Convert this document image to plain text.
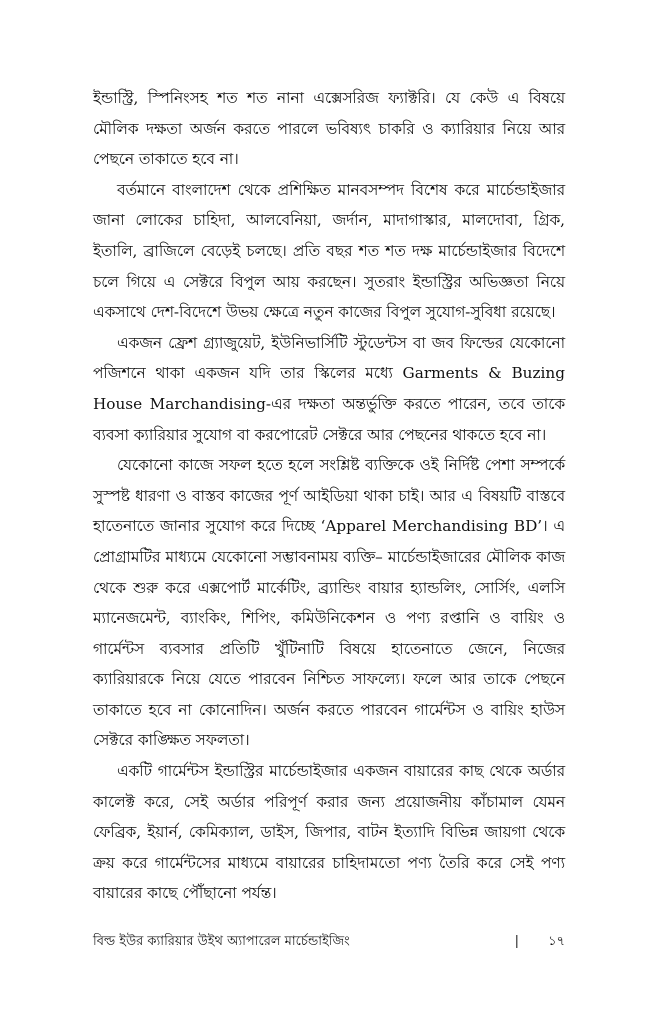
ইন্ডাস্ট্রি, স্পিনিংসহ শত শত নানা এক্সেসরিজ ফ্যাক্টরি। যে কেউ এ বিষয়ে মৌলিক দক্ষতা অর্জন করতে পারলে ভবিষ্যৎ চাকরি ও ক্যারিয়ার নিয়ে আর পেছনে তাকাতে হবে না।

বর্তমানে বাংলাদেশ থেকে প্রশিক্ষিত মানবসম্পদ বিশেষ করে মার্চেন্ডাইজার জানা লোকের চাহিদা, আলবেনিয়া, জর্দান, মাদাগাস্কার, মালদোবা, গ্রিক, ইতালি, ব্রাজিলে বেড়েই চলছে। প্রতি বছর শত শত দক্ষ মার্চেন্ডাইজার বিদেশে চলে গিয়ে এ সেক্টরে বিপুল আয় করছেন। সুতরাং ইন্ডাস্ট্রির অভিজ্ঞতা নিয়ে একসাথে দেশ-বিদেশে উভয় ক্ষেত্রে নতুন কাজের বিপুল সুযোগ-সুবিধা রয়েছে।

একজন ফ্রেশ গ্র্যাজুয়েট, ইউনিভার্সিটি স্টুডেন্টস বা জব ফিল্ডের যেকোনো পজিশনে থাকা একজন যদি তার স্কিলের মধ্যে Garments & Buzing House Marchandising-এর দক্ষতা অন্তর্ভুক্তি করতে পারেন, তবে তাকে ব্যবসা ক্যারিয়ার সুযোগ বা করপোরেট সেক্টরে আর পেছনের থাকতে হবে না।

যেকোনো কাজে সফল হতে হলে সংশ্লিষ্ট ব্যক্তিকে ওই নির্দিষ্ট পেশা সম্পর্কে সুস্পষ্ট ধারণা ও বাস্তব কাজের পূর্ণ আইডিয়া থাকা চাই। আর এ বিষয়টি বাস্তবে হাতেনাতে জানার সুযোগ করে দিচ্ছে ‘Apparel Merchandising BD’। এ প্রোগ্রামটির মাধ্যমে যেকোনো সম্ভাবনাময় ব্যক্তি– মার্চেন্ডাইজারের মৌলিক কাজ থেকে শুরু করে এক্সপোর্ট মার্কেটিং, ব্র্যান্ডিং বায়ার হ্যান্ডলিং, সোর্সিং, এলসি ম্যানেজমেন্ট, ব্যাংকিং, শিপিং, কমিউনিকেশন ও পণ্য রপ্তানি ও বায়িং ও গার্মেন্টস ব্যবসার প্রতিটি খুঁটিনাটি বিষয়ে হাতেনাতে জেনে, নিজের ক্যারিয়ারকে নিয়ে যেতে পারবেন নিশ্চিত সাফল্যে। ফলে আর তাকে পেছনে তাকাতে হবে না কোনোদিন। অর্জন করতে পারবেন গার্মেন্টস ও বায়িং হাউস সেক্টরে কাঙ্ক্ষিত সফলতা।

একটি গার্মেন্টস ইন্ডাস্ট্রির মার্চেন্ডাইজার একজন বায়ারের কাছ থেকে অর্ডার কালেক্ট করে, সেই অর্ডার পরিপূর্ণ করার জন্য প্রয়োজনীয় কাঁচামাল যেমন ফেব্রিক, ইয়ার্ন, কেমিক্যাল, ডাইস, জিপার, বাটন ইত্যাদি বিভিন্ন জায়গা থেকে ক্রয় করে গার্মেন্টসের মাধ্যমে বায়ারের চাহিদামতো পণ্য তৈরি করে সেই পণ্য বায়ারের কাছে পৌঁছানো পর্যন্ত।

বিল্ড ইউর ক্যারিয়ার উইথ অ্যাপারেল মার্চেন্ডাইজিং	| ১৭
